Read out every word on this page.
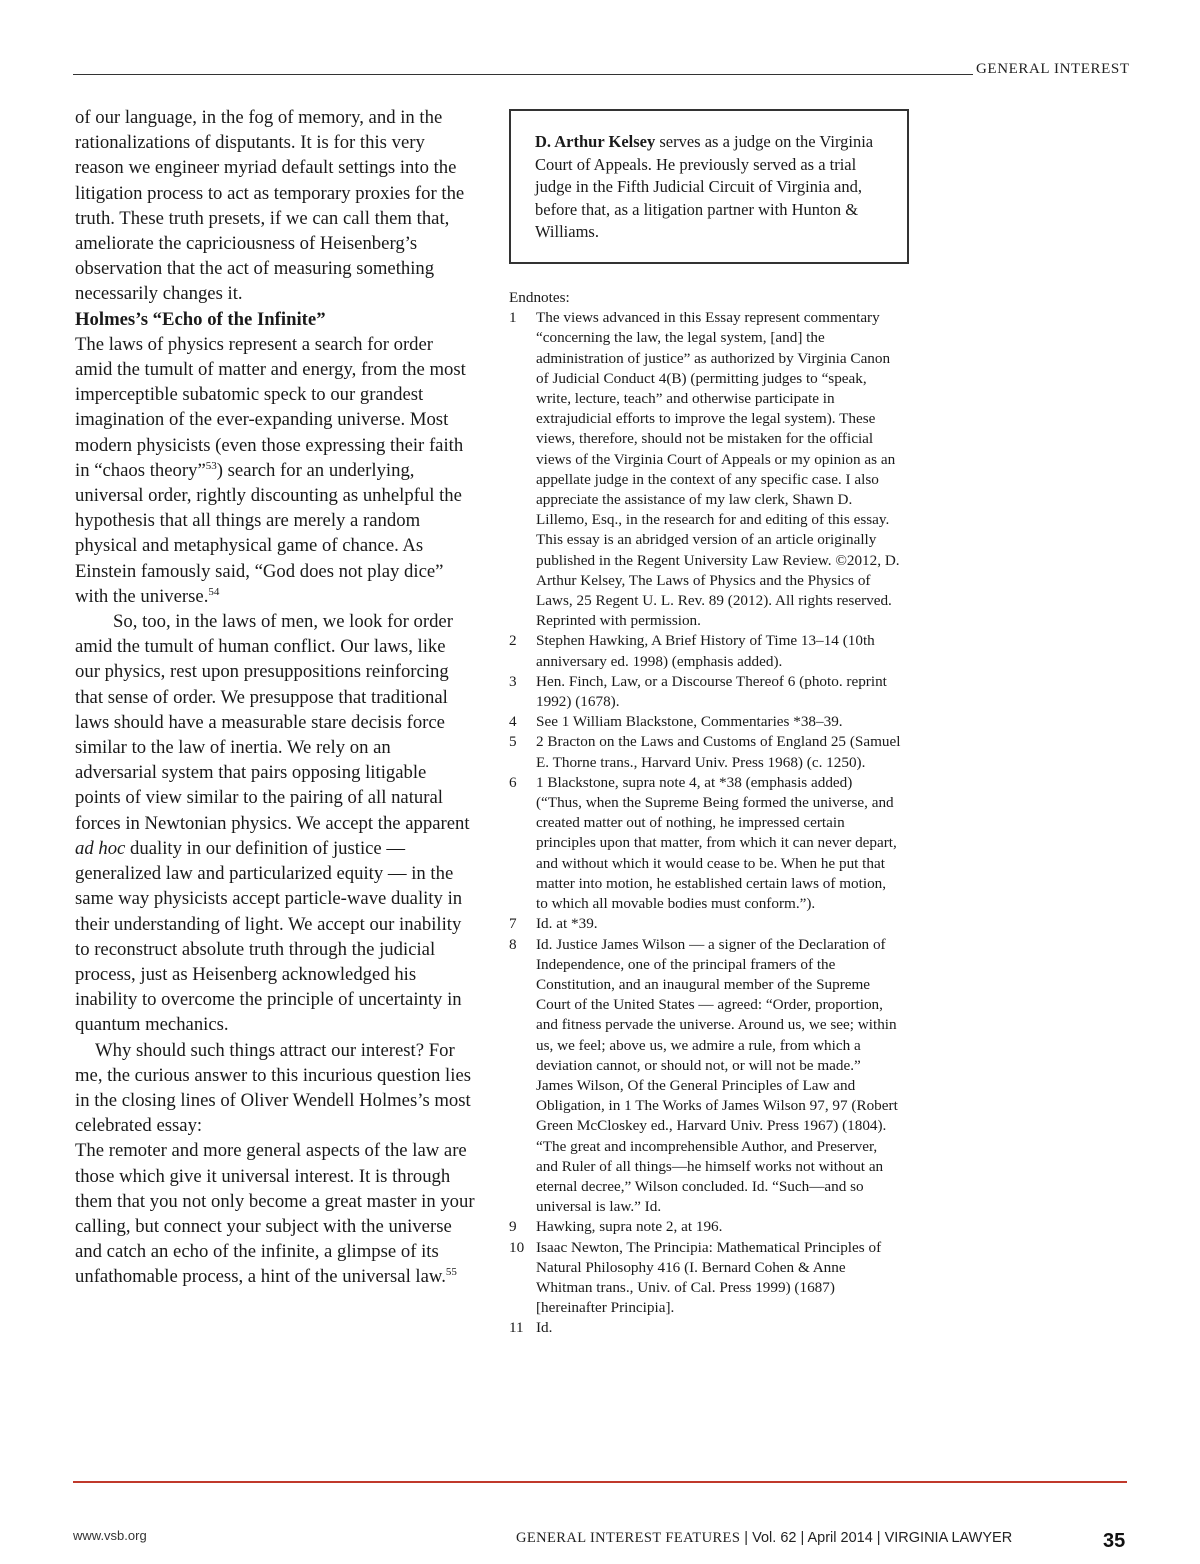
GENERAL INTEREST

of our language, in the fog of memory, and in the rationalizations of disputants. It is for this very reason we engineer myriad default settings into the litigation process to act as temporary proxies for the truth. These truth presets, if we can call them that, ameliorate the capriciousness of Heisenberg’s observation that the act of measuring something necessarily changes it.

Holmes’s “Echo of the Infinite”

The laws of physics represent a search for order amid the tumult of matter and energy, from the most imperceptible subatomic speck to our grandest imagination of the ever-expanding universe. Most modern physicists (even those expressing their faith in “chaos theory”$^{53}$) search for an underlying, universal order, rightly discounting as unhelpful the hypothesis that all things are merely a random physical and metaphysical game of chance. As Einstein famously said, “God does not play dice” with the universe.$^{54}$

So, too, in the laws of men, we look for order amid the tumult of human conflict. Our laws, like our physics, rest upon presuppositions reinforcing that sense of order. We presuppose that traditional laws should have a measurable stare decisis force similar to the law of inertia. We rely on an adversarial system that pairs opposing litigable points of view similar to the pairing of all natural forces in Newtonian physics. We accept the apparent ad hoc duality in our definition of justice — generalized law and particularized equity — in the same way physicists accept particle-wave duality in their understanding of light. We accept our inability to reconstruct absolute truth through the judicial process, just as Heisenberg acknowledged his inability to overcome the principle of uncertainty in quantum mechanics.

Why should such things attract our interest? For me, the curious answer to this incurious question lies in the closing lines of Oliver Wendell Holmes’s most celebrated essay:

The remoter and more general aspects of the law are those which give it universal interest. It is through them that you not only become a great master in your calling, but connect your subject with the universe and catch an echo of the infinite, a glimpse of its unfathomable process, a hint of the universal law.$^{55}$

D. Arthur Kelsey serves as a judge on the Virginia Court of Appeals. He previously served as a trial judge in the Fifth Judicial Circuit of Virginia and, before that, as a litigation partner with Hunton & Williams.

Endnotes:

1	The views advanced in this Essay represent commentary “concerning the law, the legal system, [and] the administration of justice” as authorized by Virginia Canon of Judicial Conduct 4(B) (permitting judges to “speak, write, lecture, teach” and otherwise participate in extrajudicial efforts to improve the legal system). These views, therefore, should not be mistaken for the official views of the Virginia Court of Appeals or my opinion as an appellate judge in the context of any specific case. I also appreciate the assistance of my law clerk, Shawn D. Lillemo, Esq., in the research for and editing of this essay. This essay is an abridged version of an article originally published in the Regent University Law Review. ©2012, D. Arthur Kelsey, The Laws of Physics and the Physics of Laws, 25 Regent U. L. Rev. 89 (2012). All rights reserved. Reprinted with permission.
2	Stephen Hawking, A Brief History of Time 13–14 (10th anniversary ed. 1998) (emphasis added).
3	Hen. Finch, Law, or a Discourse Thereof 6 (photo. reprint 1992) (1678).
4	See 1 William Blackstone, Commentaries *38–39.
5	2 Bracton on the Laws and Customs of England 25 (Samuel E. Thorne trans., Harvard Univ. Press 1968) (c. 1250).
6	1 Blackstone, supra note 4, at *38 (emphasis added) (“Thus, when the Supreme Being formed the universe, and created matter out of nothing, he impressed certain principles upon that matter, from which it can never depart, and without which it would cease to be. When he put that matter into motion, he established certain laws of motion, to which all movable bodies must conform.”).
7	Id. at *39.
8	Id. Justice James Wilson — a signer of the Declaration of Independence, one of the principal framers of the Constitution, and an inaugural member of the Supreme Court of the United States — agreed: “Order, proportion, and fitness pervade the universe. Around us, we see; within us, we feel; above us, we admire a rule, from which a deviation cannot, or should not, or will not be made.” James Wilson, Of the General Principles of Law and Obligation, in 1 The Works of James Wilson 97, 97 (Robert Green McCloskey ed., Harvard Univ. Press 1967) (1804). “The great and incomprehensible Author, and Preserver, and Ruler of all things—he himself works not without an eternal decree,” Wilson concluded. Id. “Such—and so universal is law.” Id.
9	Hawking, supra note 2, at 196.
10 Isaac Newton, The Principia: Mathematical Principles of Natural Philosophy 416 (I. Bernard Cohen & Anne Whitman trans., Univ. of Cal. Press 1999) (1687) [hereinafter Principia].
11 Id.
www.vsb.org	GENERAL INTEREST FEATURES | Vol. 62 | April 2014 | VIRGINIA LAWYER	35
